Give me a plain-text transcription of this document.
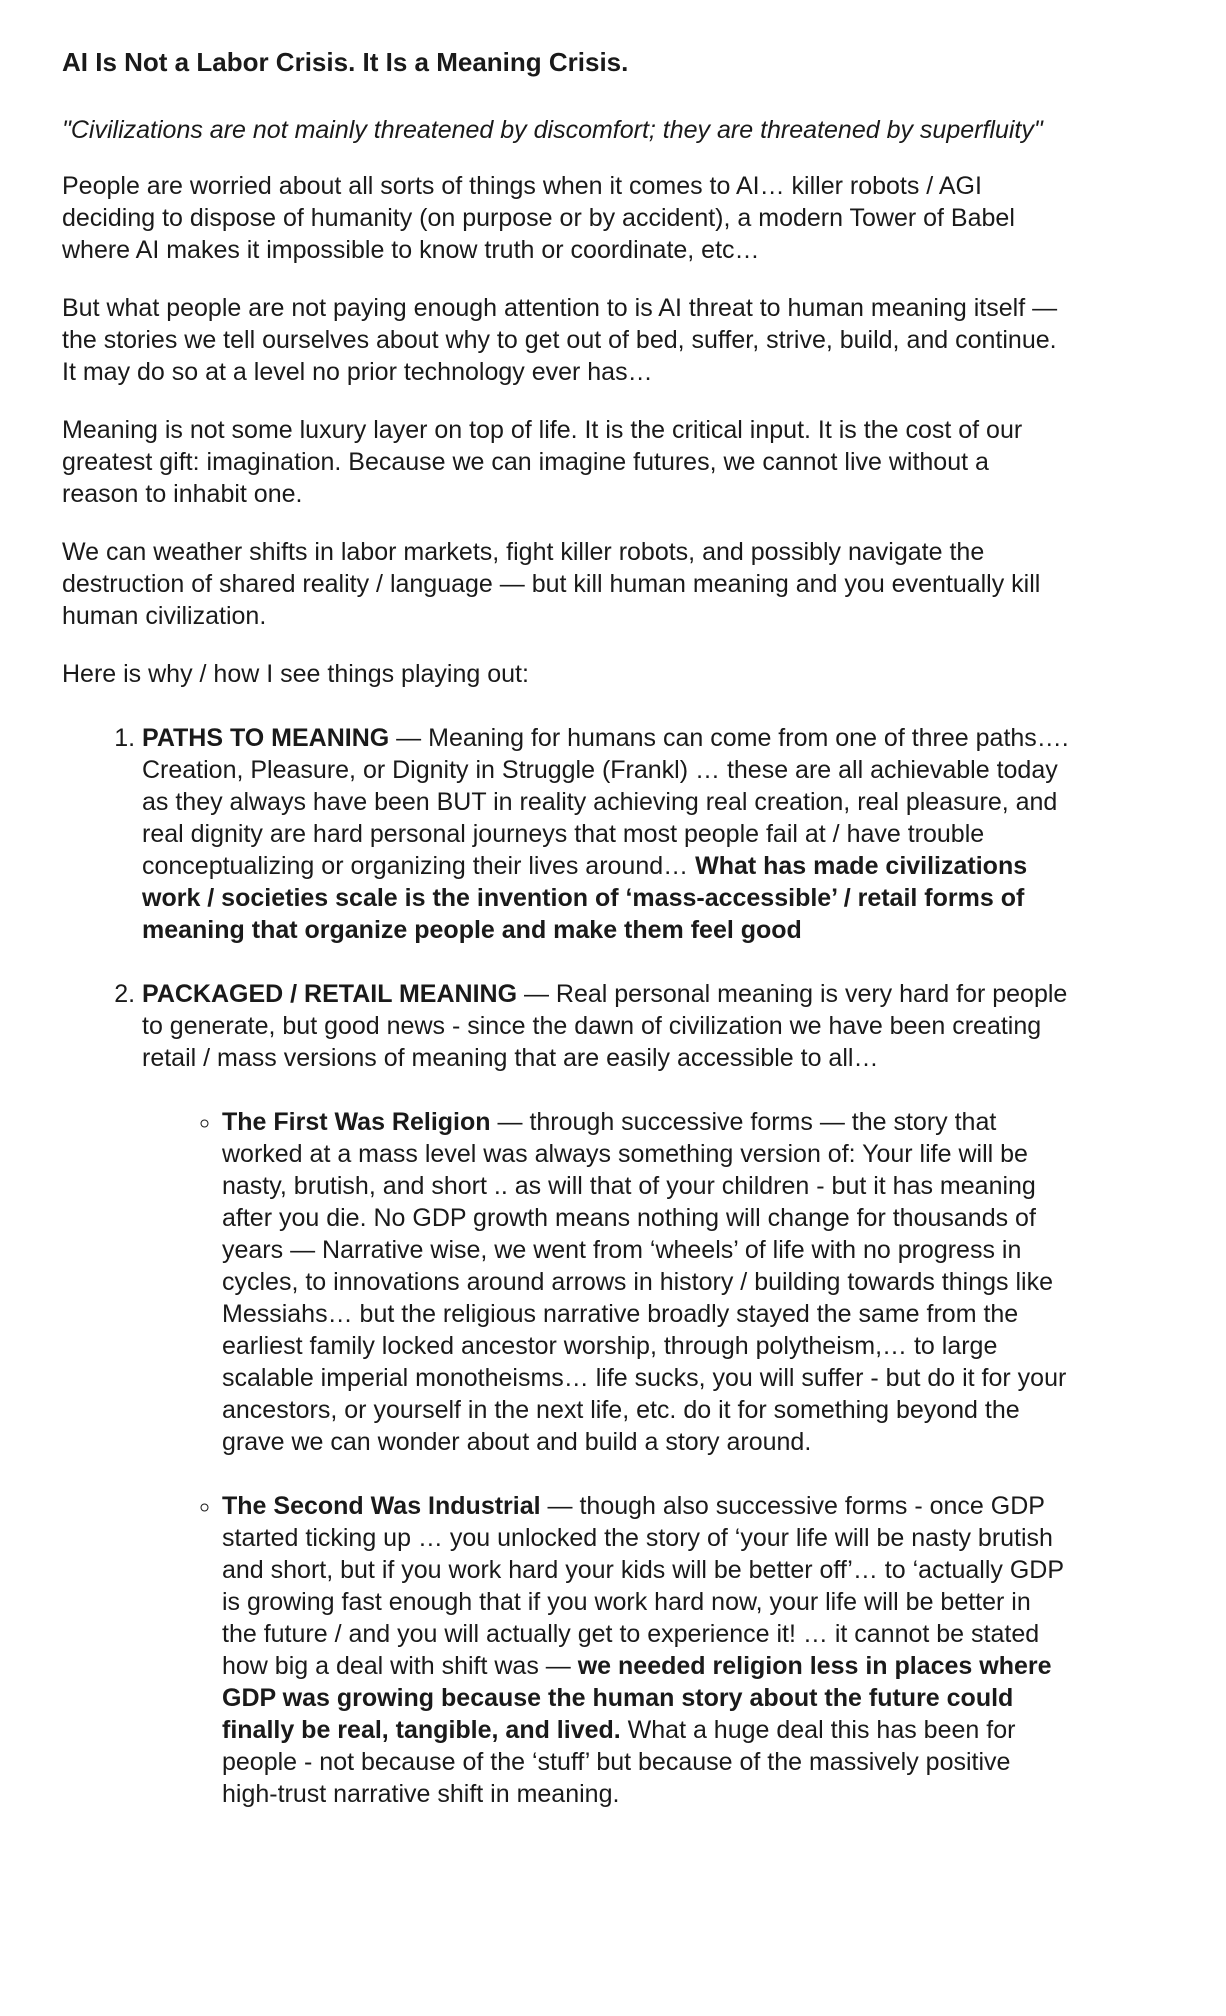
AI Is Not a Labor Crisis. It Is a Meaning Crisis.

"Civilizations are not mainly threatened by discomfort; they are threatened by superfluity"

People are worried about all sorts of things when it comes to AI… killer robots / AGI deciding to dispose of humanity (on purpose or by accident), a modern Tower of Babel where AI makes it impossible to know truth or coordinate, etc…

But what people are not paying enough attention to is AI threat to human meaning itself — the stories we tell ourselves about why to get out of bed, suffer, strive, build, and continue. It may do so at a level no prior technology ever has…

Meaning is not some luxury layer on top of life. It is the critical input. It is the cost of our greatest gift: imagination. Because we can imagine futures, we cannot live without a reason to inhabit one.

We can weather shifts in labor markets, fight killer robots, and possibly navigate the destruction of shared reality / language — but kill human meaning and you eventually kill human civilization.

Here is why / how I see things playing out:

1. PATHS TO MEANING — Meaning for humans can come from one of three paths…. Creation, Pleasure, or Dignity in Struggle (Frankl) … these are all achievable today as they always have been BUT in reality achieving real creation, real pleasure, and real dignity are hard personal journeys that most people fail at / have trouble conceptualizing or organizing their lives around… What has made civilizations work / societies scale is the invention of ‘mass-accessible’ / retail forms of meaning that organize people and make them feel good
2. PACKAGED / RETAIL MEANING — Real personal meaning is very hard for people to generate, but good news - since the dawn of civilization we have been creating retail / mass versions of meaning that are easily accessible to all…
◦ The First Was Religion — through successive forms — the story that worked at a mass level was always something version of: Your life will be nasty, brutish, and short .. as will that of your children - but it has meaning after you die. No GDP growth means nothing will change for thousands of years — Narrative wise, we went from ‘wheels’ of life with no progress in cycles, to innovations around arrows in history / building towards things like Messiahs… but the religious narrative broadly stayed the same from the earliest family locked ancestor worship, through polytheism,… to large scalable imperial monotheisms… life sucks, you will suffer - but do it for your ancestors, or yourself in the next life, etc. do it for something beyond the grave we can wonder about and build a story around.
◦ The Second Was Industrial — though also successive forms - once GDP started ticking up … you unlocked the story of ‘your life will be nasty brutish and short, but if you work hard your kids will be better off’… to ‘actually GDP is growing fast enough that if you work hard now, your life will be better in the future / and you will actually get to experience it! … it cannot be stated how big a deal with shift was — we needed religion less in places where GDP was growing because the human story about the future could finally be real, tangible, and lived. What a huge deal this has been for people - not because of the ‘stuff’ but because of the massively positive high-trust narrative shift in meaning.
